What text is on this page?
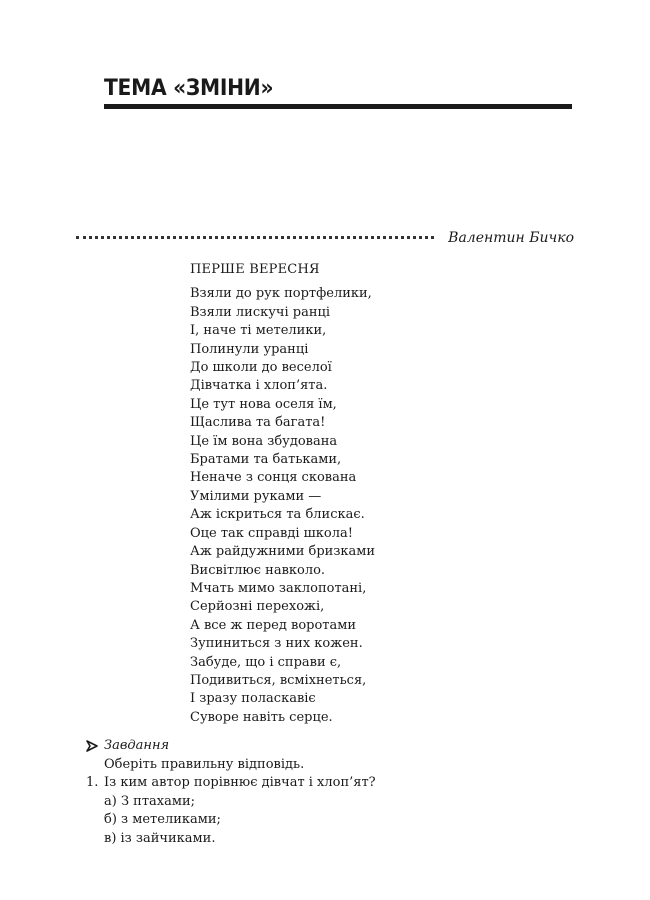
ТЕМА «ЗМІНИ»
Валентин Бичко
ПЕРШЕ ВЕРЕСНЯ
Взяли до рук портфелики,
Взяли лискучі ранці
І, наче ті метелики,
Полинули уранці
До школи до веселої
Дівчатка і хлоп’ята.
Це тут нова оселя їм,
Щаслива та багата!
Це їм вона збудована
Братами та батьками,
Неначе з сонця скована
Умілими руками —
Аж іскриться та блискає.
Оце так справді школа!
Аж райдужними бризками
Висвітлює навколо.
Мчать мимо заклопотані,
Серйозні перехожі,
А все ж перед воротами
Зупиниться з них кожен.
Забуде, що і справи є,
Подивиться, всміхнеться,
І зразу поласкавіє
Суворе навіть серце.
Завдання
Оберіть правильну відповідь.
1. Із ким автор порівнює дівчат і хлоп’ят?
а) З птахами;
б) з метеликами;
в) із зайчиками.
